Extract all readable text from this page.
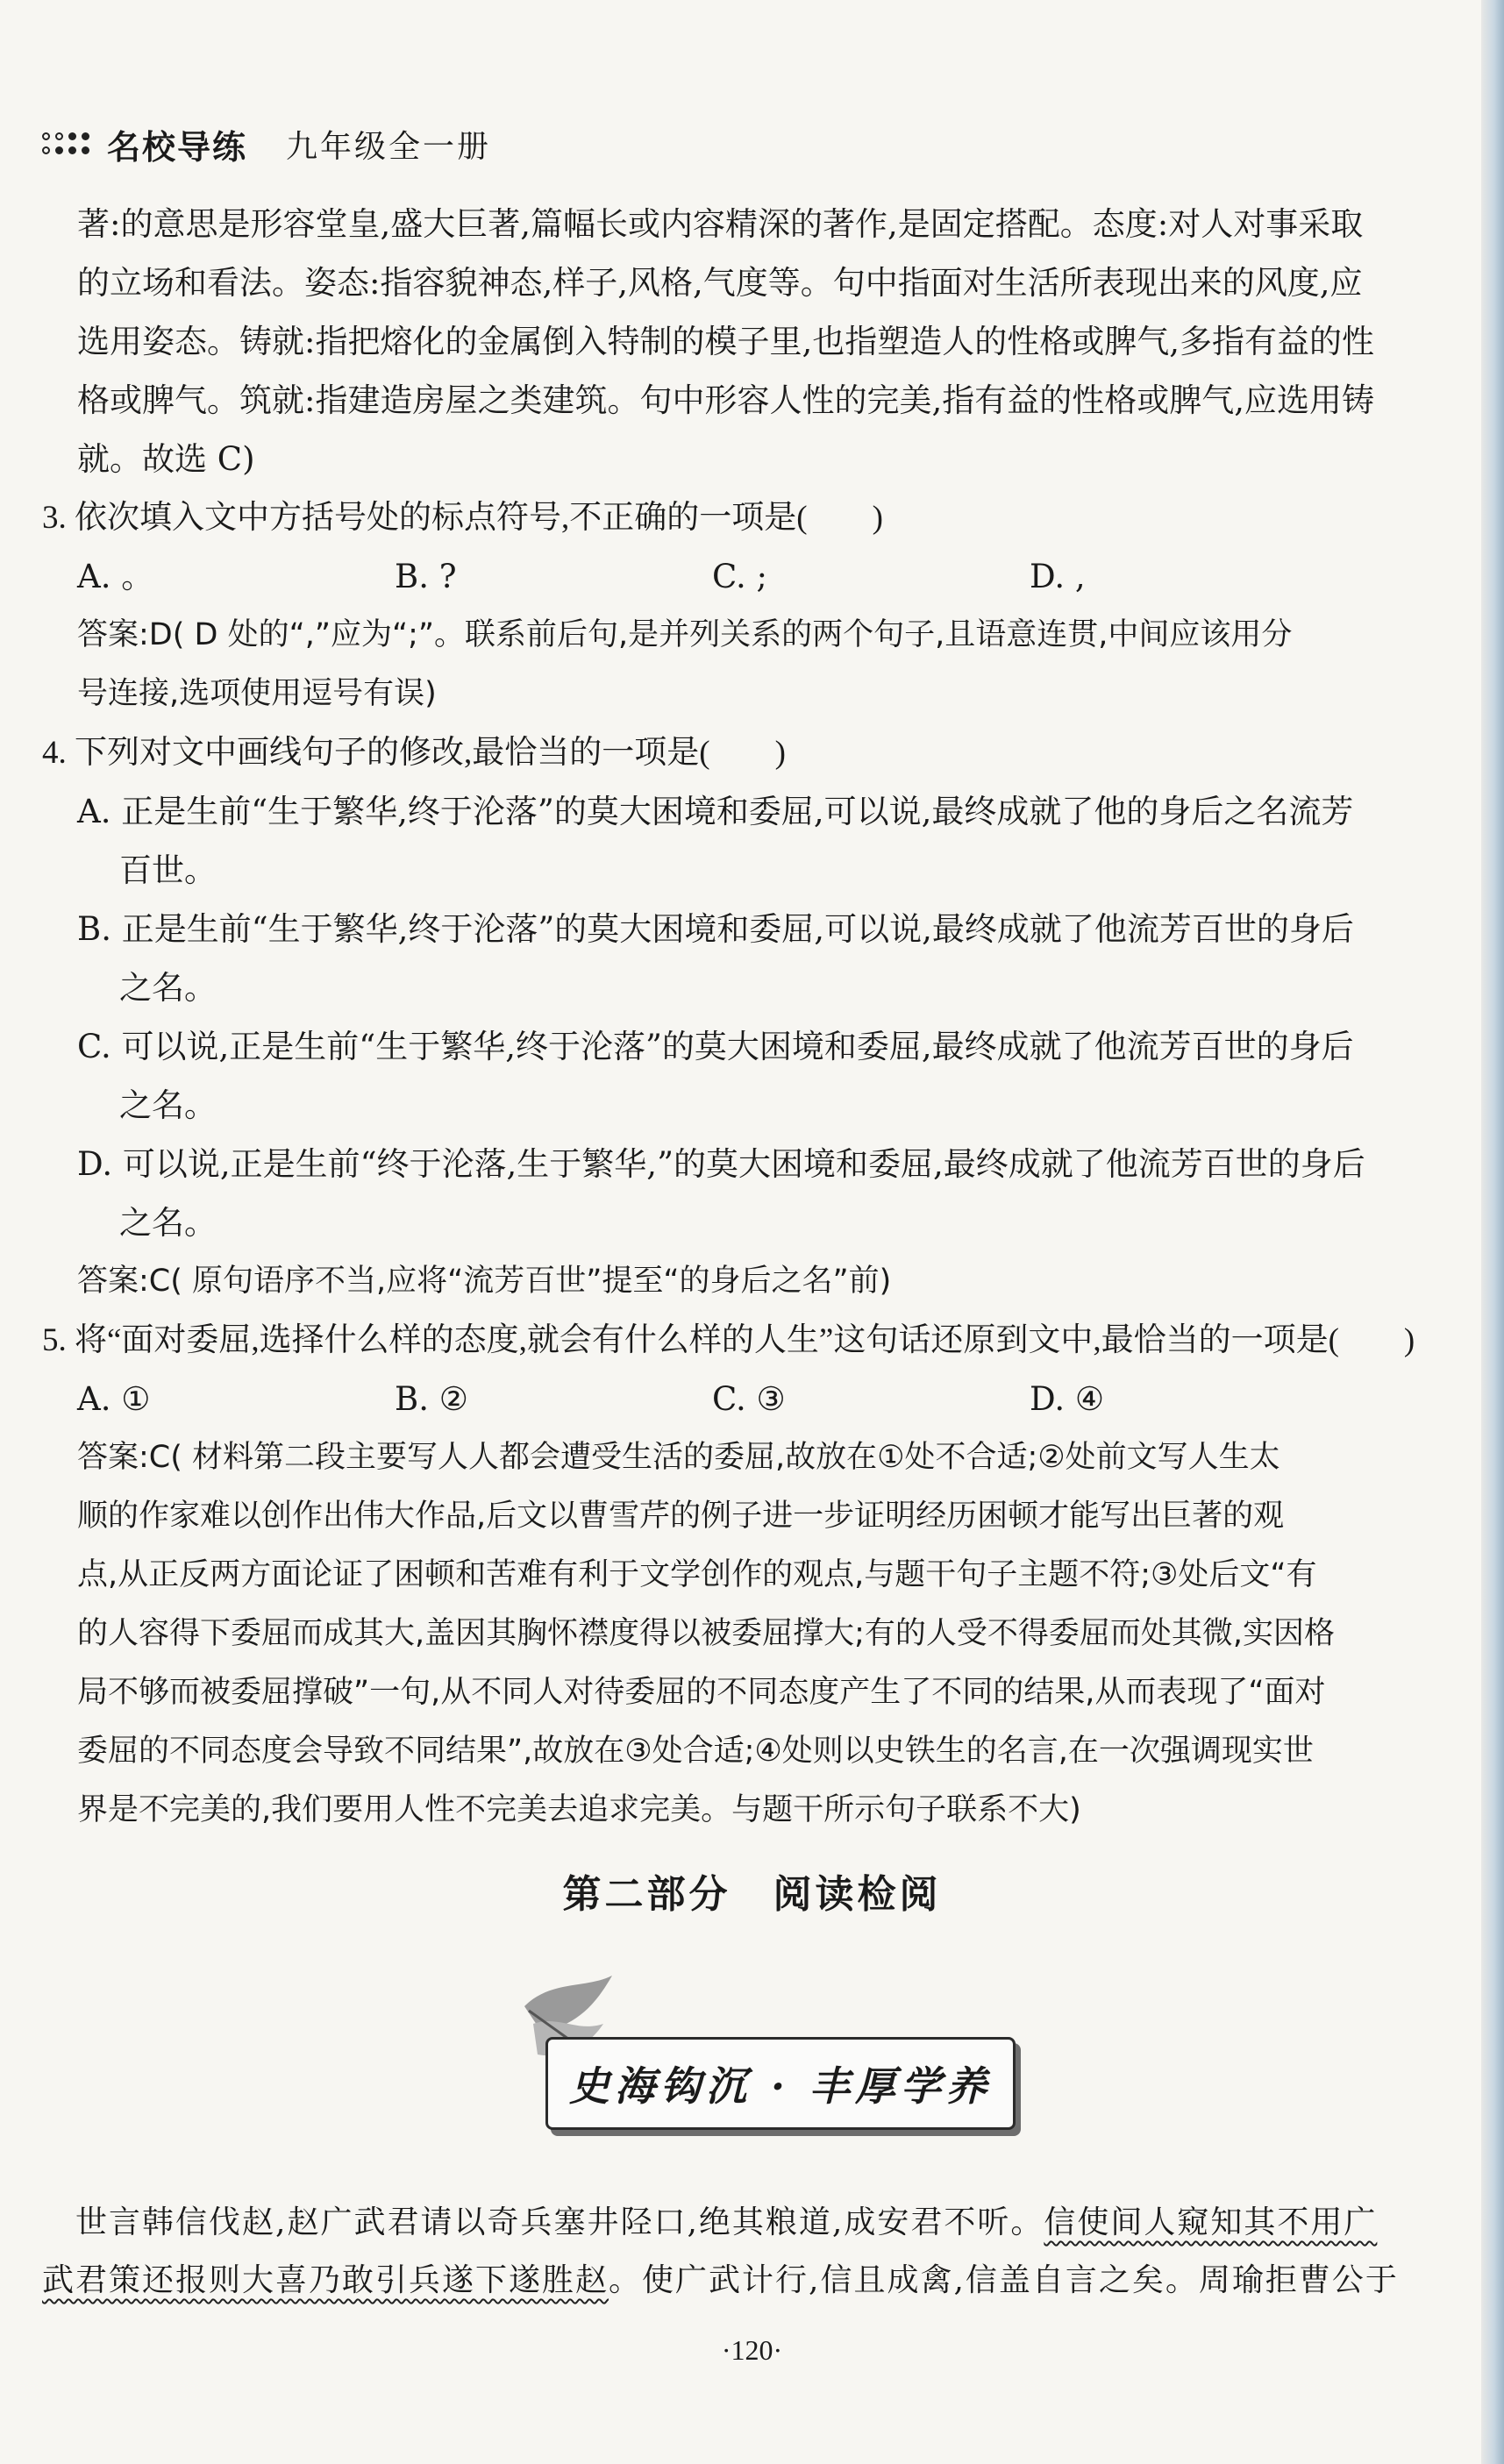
名校导练 九年级全一册

著:的意思是形容堂皇,盛大巨著,篇幅长或内容精深的著作,是固定搭配。态度:对人对事采取

的立场和看法。姿态:指容貌神态,样子,风格,气度等。句中指面对生活所表现出来的风度,应

选用姿态。铸就:指把熔化的金属倒入特制的模子里,也指塑造人的性格或脾气,多指有益的性

格或脾气。筑就:指建造房屋之类建筑。句中形容人性的完美,指有益的性格或脾气,应选用铸

就。故选 C)

3. 依次填入文中方括号处的标点符号,不正确的一项是(　　)

A. 。	B. ?	C. ;	D. ,

答案:D( D 处的“,”应为“;”。联系前后句,是并列关系的两个句子,且语意连贯,中间应该用分

号连接,选项使用逗号有误)

4. 下列对文中画线句子的修改,最恰当的一项是(　　)

A. 正是生前“生于繁华,终于沦落”的莫大困境和委屈,可以说,最终成就了他的身后之名流芳

百世。

B. 正是生前“生于繁华,终于沦落”的莫大困境和委屈,可以说,最终成就了他流芳百世的身后

之名。

C. 可以说,正是生前“生于繁华,终于沦落”的莫大困境和委屈,最终成就了他流芳百世的身后

之名。

D. 可以说,正是生前“终于沦落,生于繁华,”的莫大困境和委屈,最终成就了他流芳百世的身后

之名。

答案:C( 原句语序不当,应将“流芳百世”提至“的身后之名”前)

5. 将“面对委屈,选择什么样的态度,就会有什么样的人生”这句话还原到文中,最恰当的一项是(　　)

A. ①	B. ②	C. ③	D. ④

答案:C( 材料第二段主要写人人都会遭受生活的委屈,故放在①处不合适;②处前文写人生太

顺的作家难以创作出伟大作品,后文以曹雪芹的例子进一步证明经历困顿才能写出巨著的观

点,从正反两方面论证了困顿和苦难有利于文学创作的观点,与题干句子主题不符;③处后文“有

的人容得下委屈而成其大,盖因其胸怀襟度得以被委屈撑大;有的人受不得委屈而处其微,实因格

局不够而被委屈撑破”一句,从不同人对待委屈的不同态度产生了不同的结果,从而表现了“面对

委屈的不同态度会导致不同结果”,故放在③处合适;④处则以史铁生的名言,在一次强调现实世

界是不完美的,我们要用人性不完美去追求完美。与题干所示句子联系不大)

第二部分　阅读检阅
史海钩沉 · 丰厚学养

　世言韩信伐赵,赵广武君请以奇兵塞井陉口,绝其粮道,成安君不听。信使间人窥知其不用广

武君策还报则大喜乃敢引兵遂下遂胜赵。使广武计行,信且成禽,信盖自言之矣。周瑜拒曹公于

·120·
